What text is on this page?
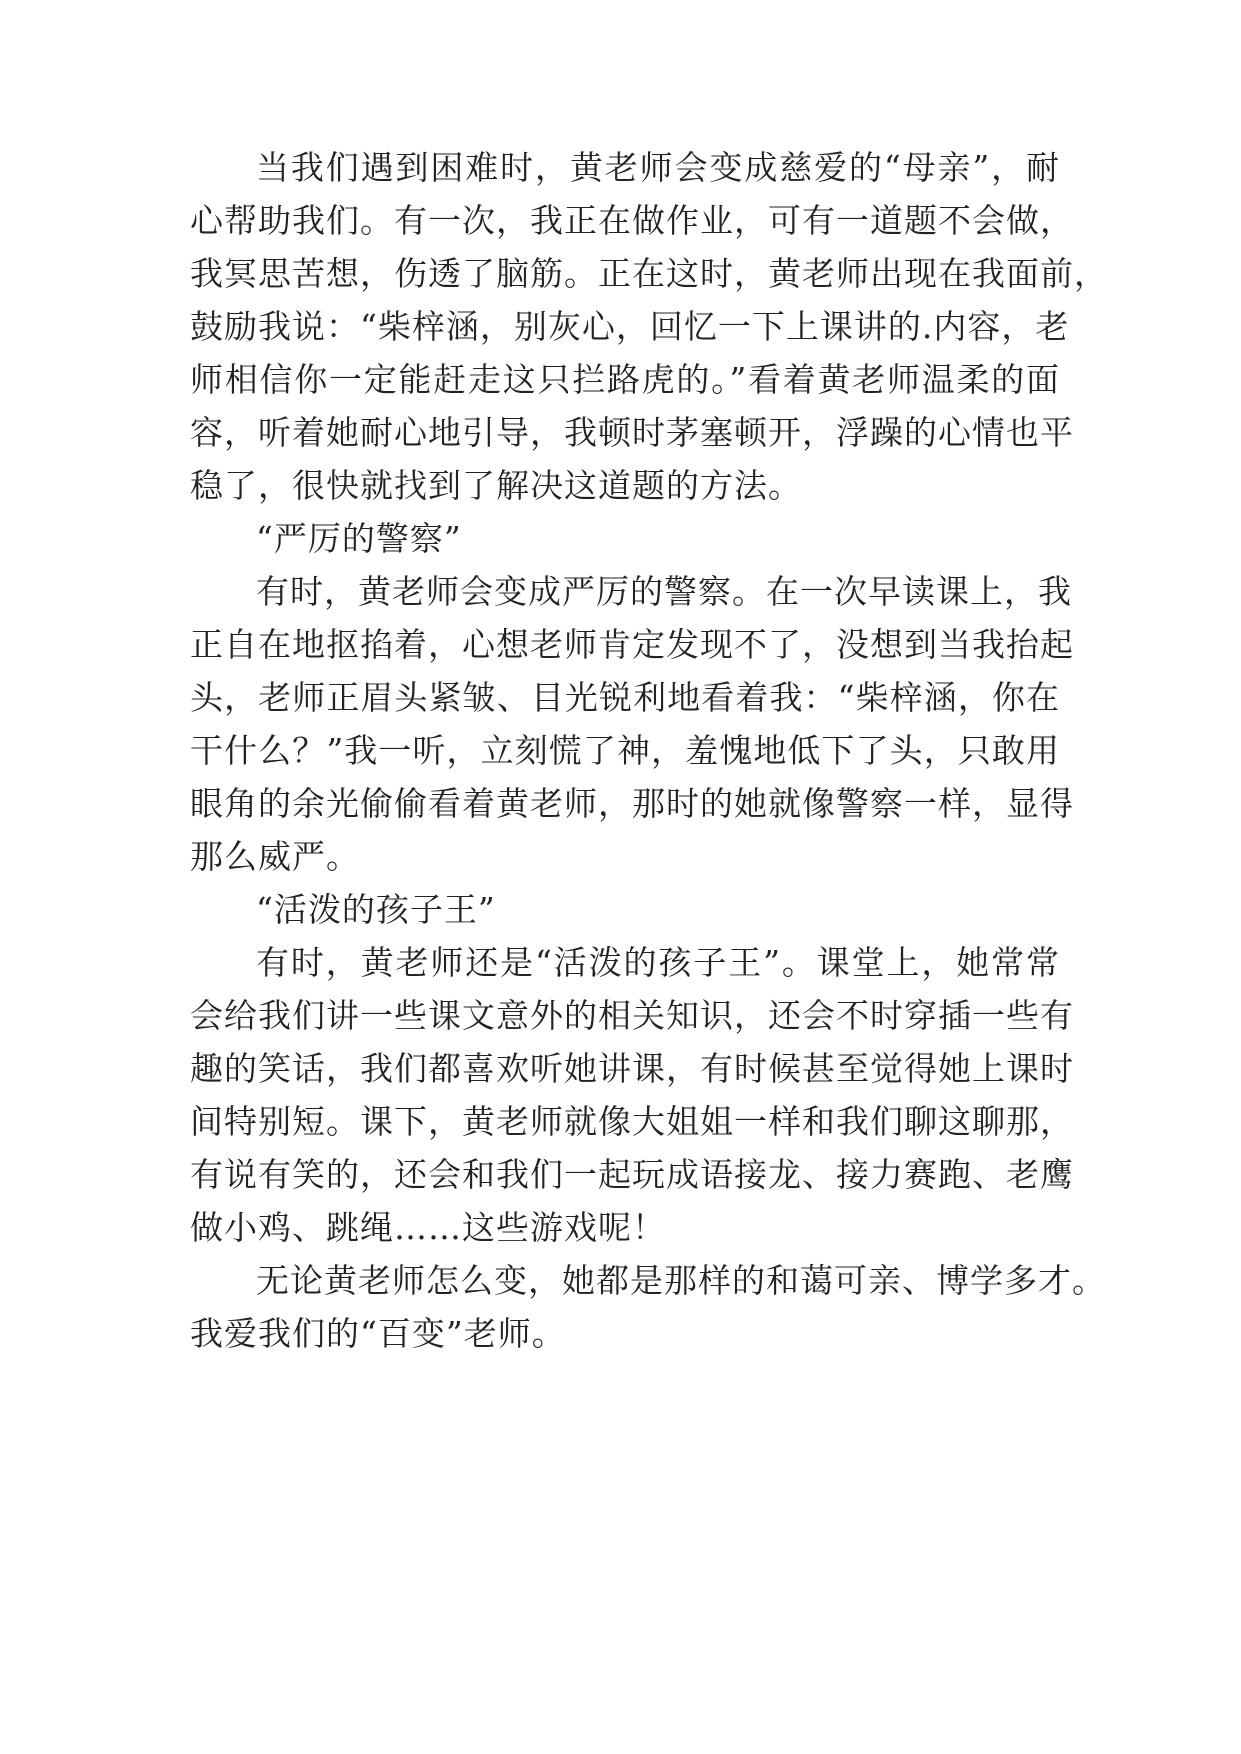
当我们遇到困难时，黄老师会变成慈爱的“母亲”，耐
心帮助我们。有一次，我正在做作业，可有一道题不会做，
我冥思苦想，伤透了脑筋。正在这时，黄老师出现在我面前，
鼓励我说：“柴梓涵，别灰心，回忆一下上课讲的.内容，老
师相信你一定能赶走这只拦路虎的。”看着黄老师温柔的面
容，听着她耐心地引导，我顿时茅塞顿开，浮躁的心情也平
稳了，很快就找到了解决这道题的方法。
“严厉的警察”
有时，黄老师会变成严厉的警察。在一次早读课上，我
正自在地抠掐着，心想老师肯定发现不了，没想到当我抬起
头，老师正眉头紧皱、目光锐利地看着我：“柴梓涵，你在
干什么？”我一听，立刻慌了神，羞愧地低下了头，只敢用
眼角的余光偷偷看着黄老师，那时的她就像警察一样，显得
那么威严。
“活泼的孩子王”
有时，黄老师还是“活泼的孩子王”。课堂上，她常常
会给我们讲一些课文意外的相关知识，还会不时穿插一些有
趣的笑话，我们都喜欢听她讲课，有时候甚至觉得她上课时
间特别短。课下，黄老师就像大姐姐一样和我们聊这聊那，
有说有笑的，还会和我们一起玩成语接龙、接力赛跑、老鹰
做小鸡、跳绳……这些游戏呢！
无论黄老师怎么变，她都是那样的和蔼可亲、博学多才。
我爱我们的“百变”老师。
